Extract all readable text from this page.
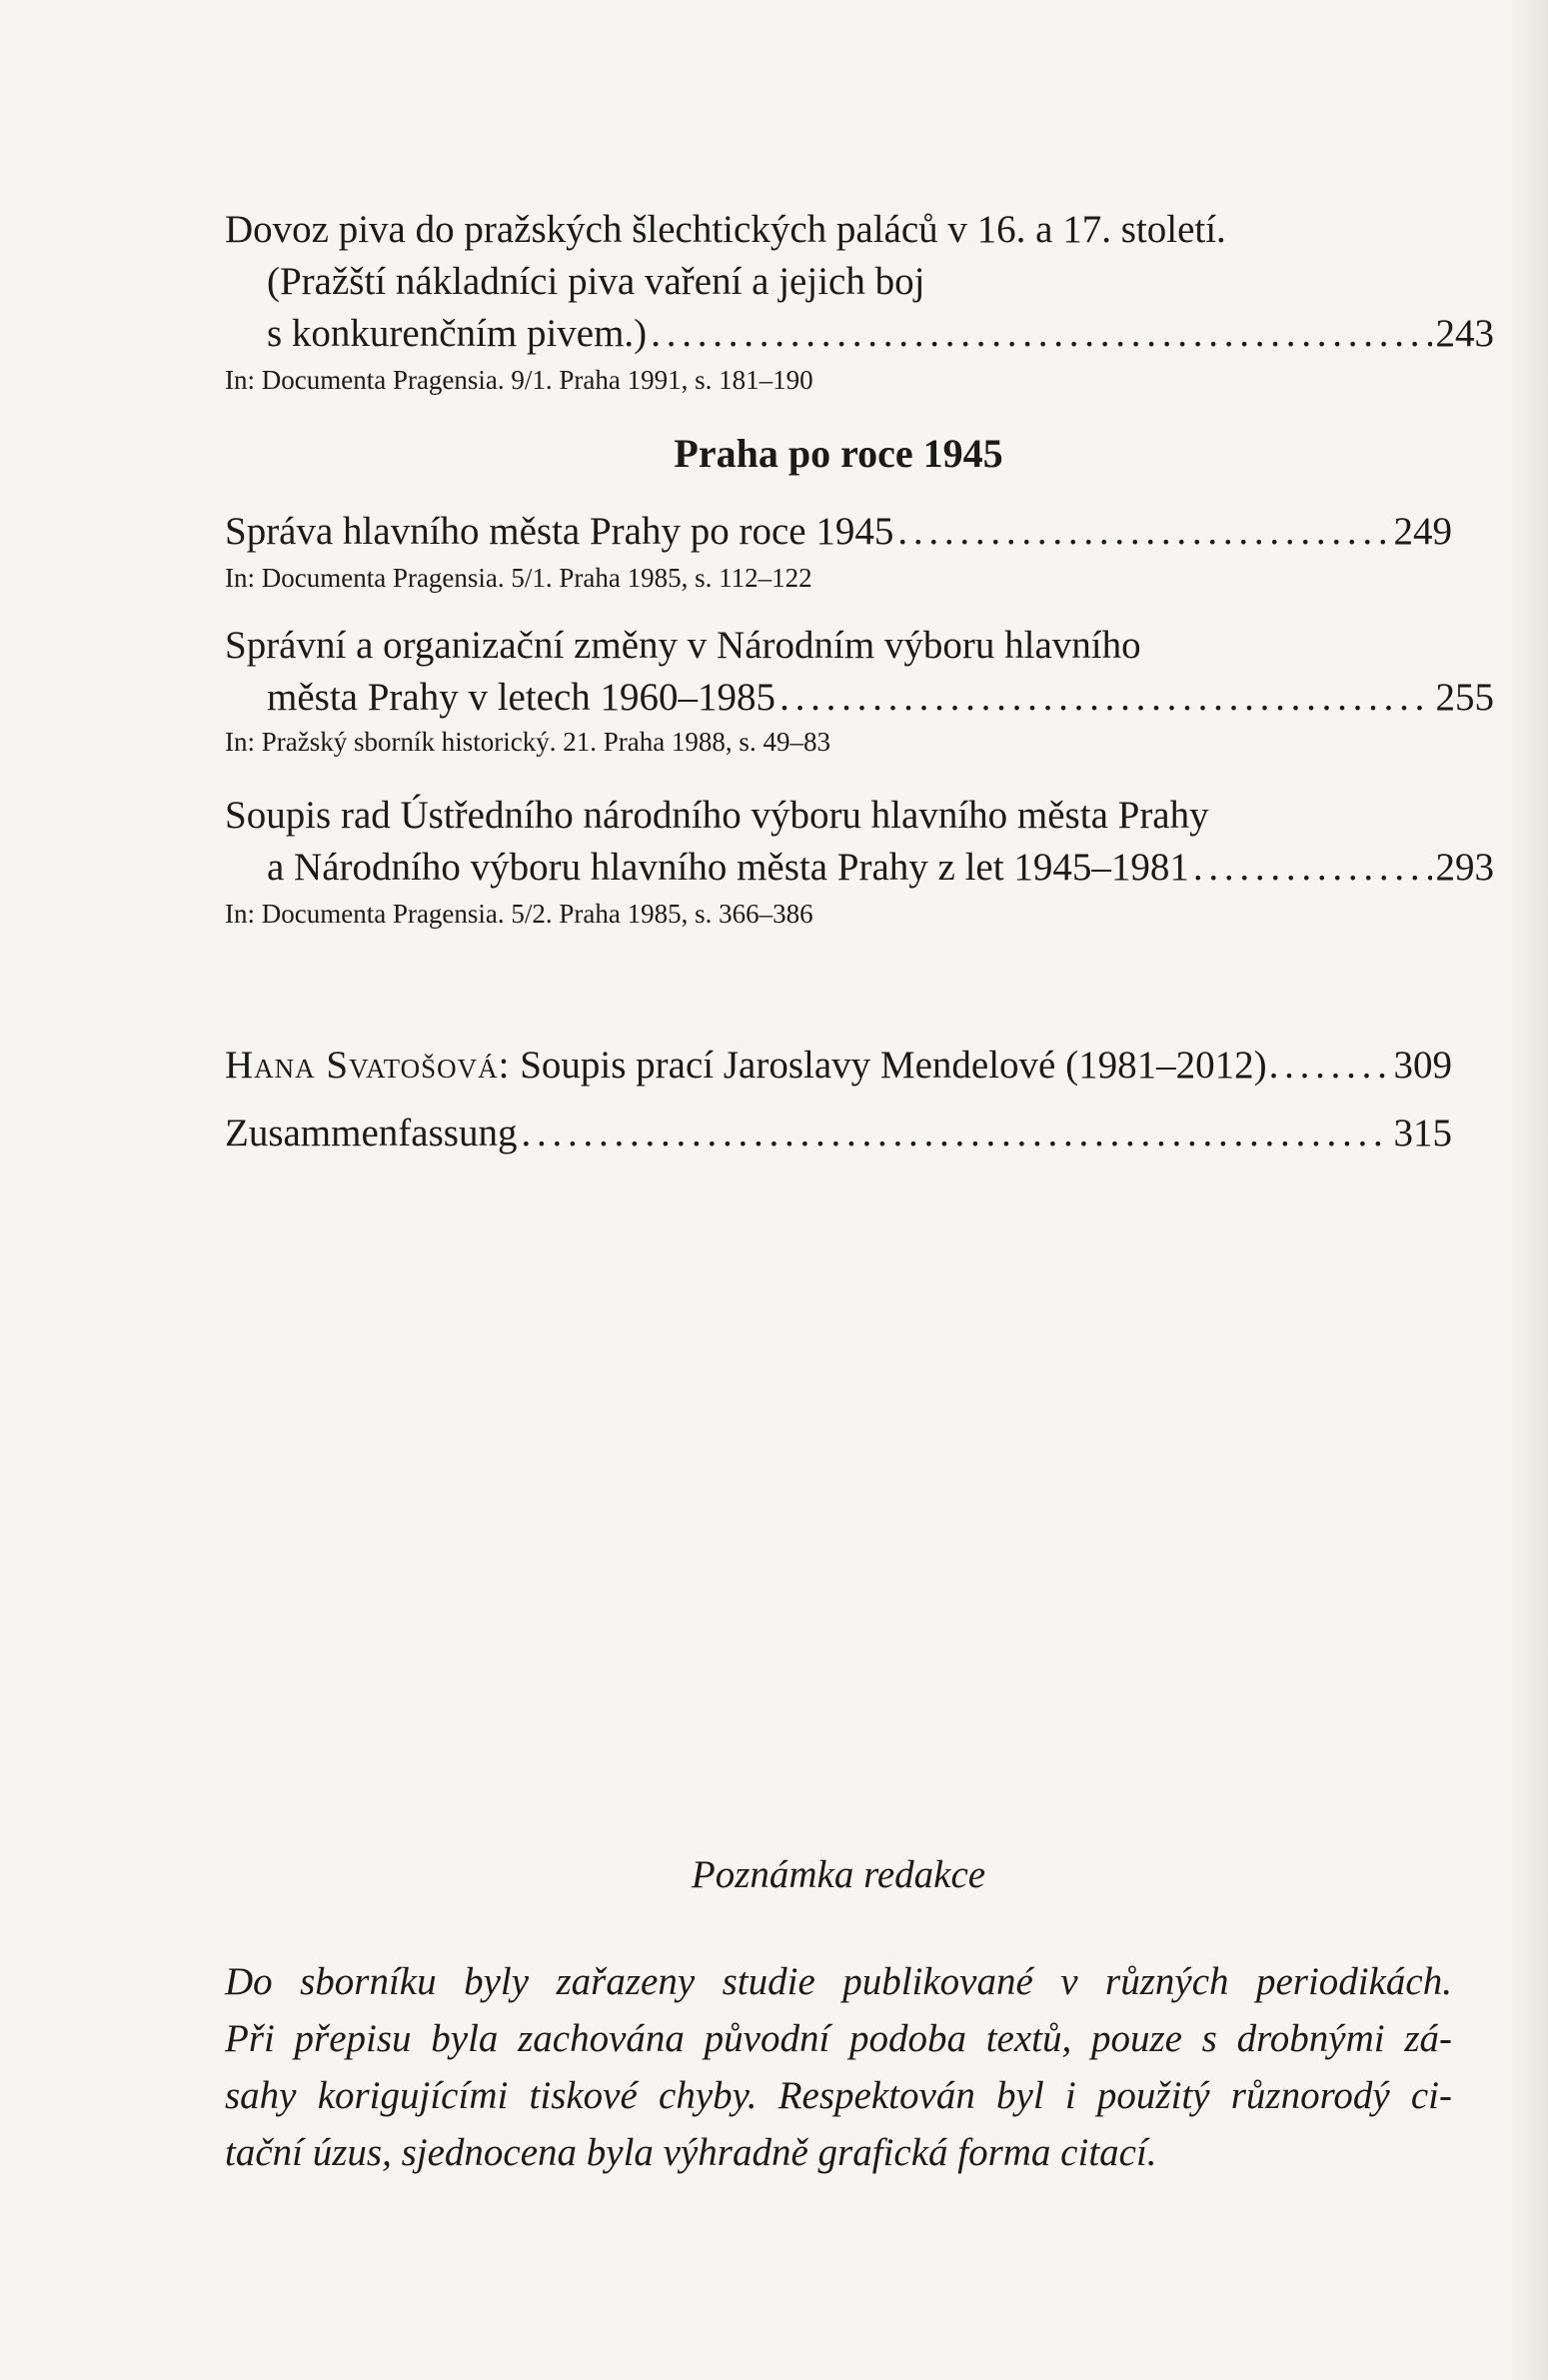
Dovoz piva do pražských šlechtických paláců v 16. a 17. století.
(Pražští nákladníci piva vaření a jejich boj
s konkurenčním pivem.) . . .	243
In: Documenta Pragensia. 9/1. Praha 1991, s. 181–190
Praha po roce 1945
Správa hlavního města Prahy po roce 1945 . . .	249
In: Documenta Pragensia. 5/1. Praha 1985, s. 112–122
Správní a organizační změny v Národním výboru hlavního
města Prahy v letech 1960–1985 . . .	255
In: Pražský sborník historický. 21. Praha 1988, s. 49–83
Soupis rad Ústředního národního výboru hlavního města Prahy
a Národního výboru hlavního města Prahy z let 1945–1981 . . .	293
In: Documenta Pragensia. 5/2. Praha 1985, s. 366–386
Hana Svatošová: Soupis prací Jaroslavy Mendelové (1981–2012) . . .	309
Zusammenfassung . . .	315
Poznámka redakce
Do sborníku byly zařazeny studie publikované v různých periodikách.
Při přepisu byla zachována původní podoba textů, pouze s drobnými zá-
sahy korigujícími tiskové chyby. Respektován byl i použitý různorodý ci-
tační úzus, sjednocena byla výhradně grafická forma citací.
